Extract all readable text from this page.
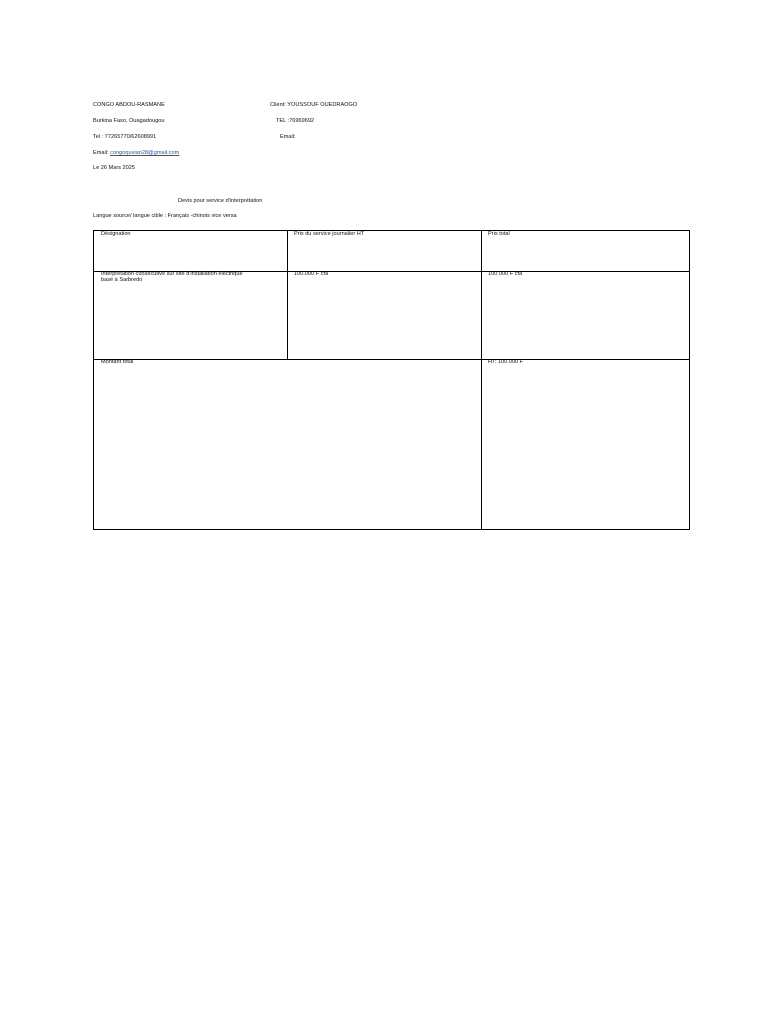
CONGO ABDOU-RASMANE
Burkina Faso, Ouagadougou
Tel : 77265770/62608991
Email: congoquvian28@gmail.com
Le 26 Mars 2025
Client: YOUSSOUF OUEDRAOGO
TEL :76969692
Email:
Devis pour service d'interprétation
Langue source/ langue cible : Français -chinois vice versa
Désignation	Prix du service journalier HT	Prix total
Interprétation consécutive sur site d'installation électrique
basé à Sarbredo
100.000 F cfa	100 000 F cfa
Montant total	HT: 100.000 F
